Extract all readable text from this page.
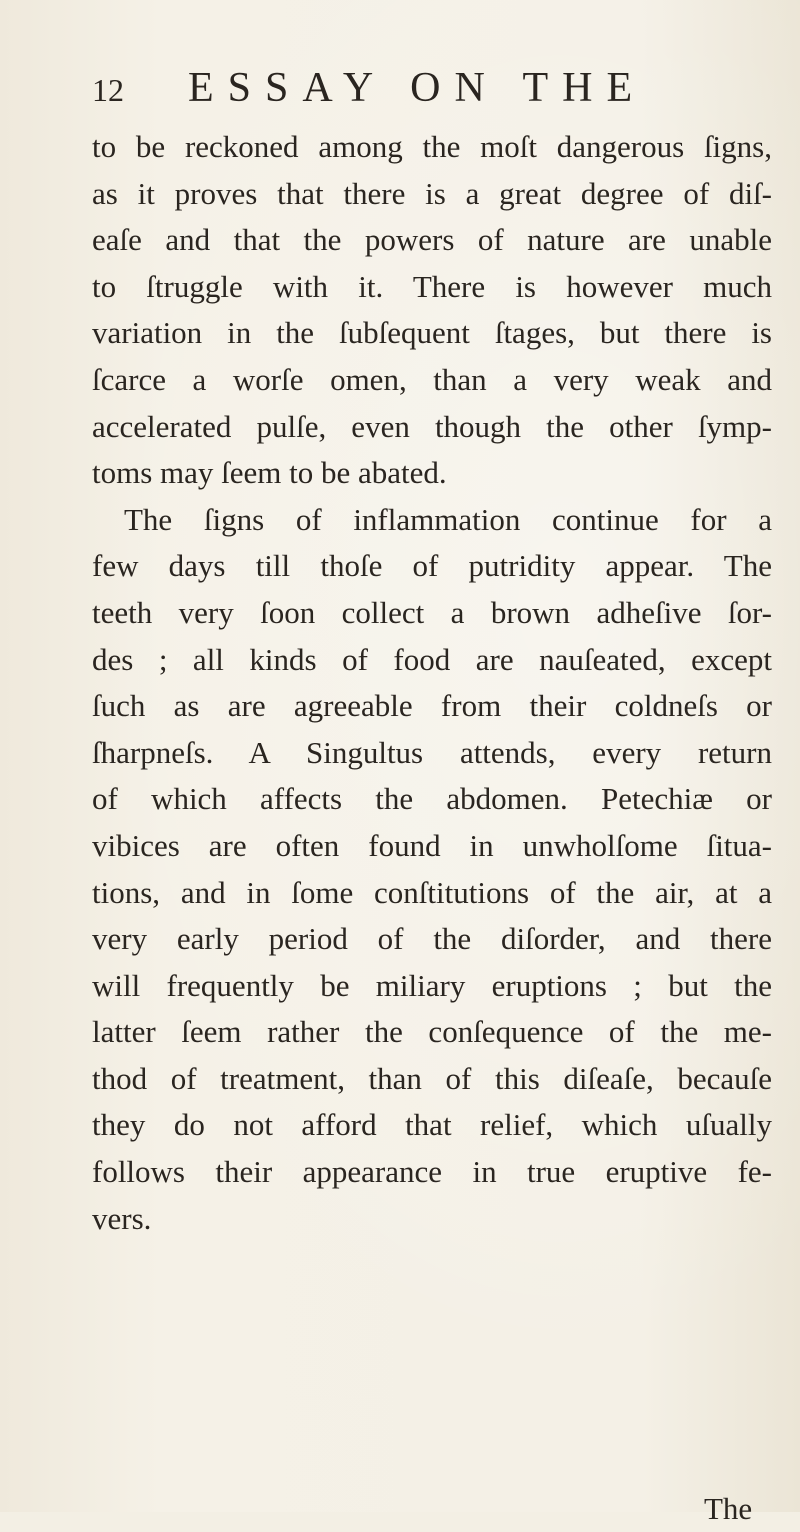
12	ESSAY ON THE
to be reckoned among the moſt dangerous ſigns,
as it proves that there is a great degree of diſ-
eaſe and that the powers of nature are unable
to ſtruggle with it. There is however much
variation in the ſubſequent ſtages, but there is
ſcarce a worſe omen, than a very weak and
accelerated pulſe, even though the other ſymp-
toms may ſeem to be abated.
The ſigns of inflammation continue for a
few days till thoſe of putridity appear. The
teeth very ſoon collect a brown adheſive ſor-
des ; all kinds of food are nauſeated, except
ſuch as are agreeable from their coldneſs or
ſharpneſs. A Singultus attends, every return
of which affects the abdomen. Petechiæ or
vibices are often found in unwholſome ſitua-
tions, and in ſome conſtitutions of the air, at a
very early period of the diſorder, and there
will frequently be miliary eruptions ; but the
latter ſeem rather the conſequence of the me-
thod of treatment, than of this diſeaſe, becauſe
they do not afford that relief, which uſually
follows their appearance in true eruptive fe-
vers.
The
